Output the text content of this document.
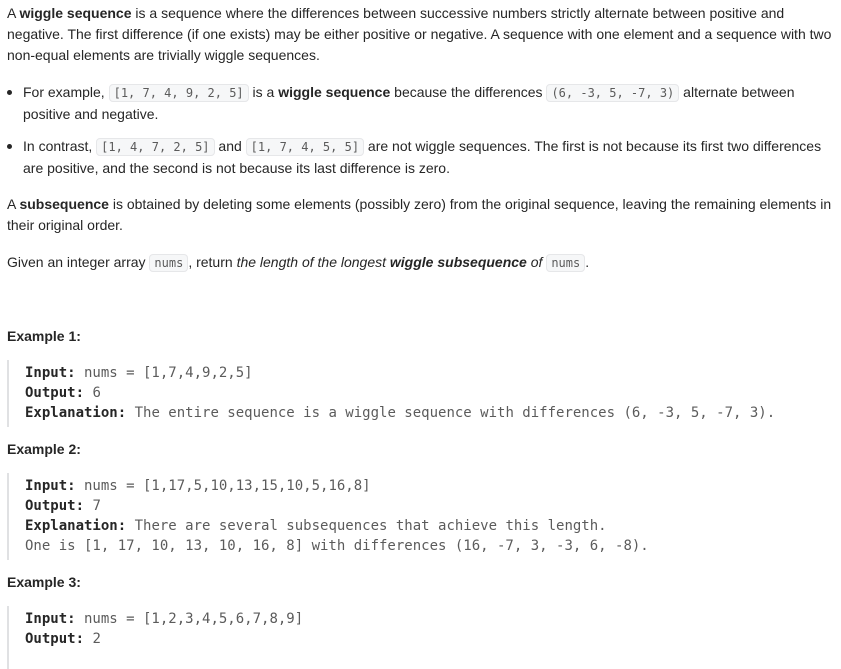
A wiggle sequence is a sequence where the differences between successive numbers strictly alternate between positive and negative. The first difference (if one exists) may be either positive or negative. A sequence with one element and a sequence with two non-equal elements are trivially wiggle sequences.

For example, [1, 7, 4, 9, 2, 5] is a wiggle sequence because the differences (6, -3, 5, -7, 3) alternate between positive and negative.
In contrast, [1, 4, 7, 2, 5] and [1, 7, 4, 5, 5] are not wiggle sequences. The first is not because its first two differences are positive, and the second is not because its last difference is zero.

A subsequence is obtained by deleting some elements (possibly zero) from the original sequence, leaving the remaining elements in their original order.

Given an integer array nums , return the length of the longest wiggle subsequence of nums .

Example 1:
Input: nums = [1,7,4,9,2,5]
Output: 6
Explanation: The entire sequence is a wiggle sequence with differences (6, -3, 5, -7, 3).
Example 2:
Input: nums = [1,17,5,10,13,15,10,5,16,8]
Output: 7
Explanation: There are several subsequences that achieve this length.
One is [1, 17, 10, 13, 10, 16, 8] with differences (16, -7, 3, -3, 6, -8).
Example 3:
Input: nums = [1,2,3,4,5,6,7,8,9]
Output: 2
